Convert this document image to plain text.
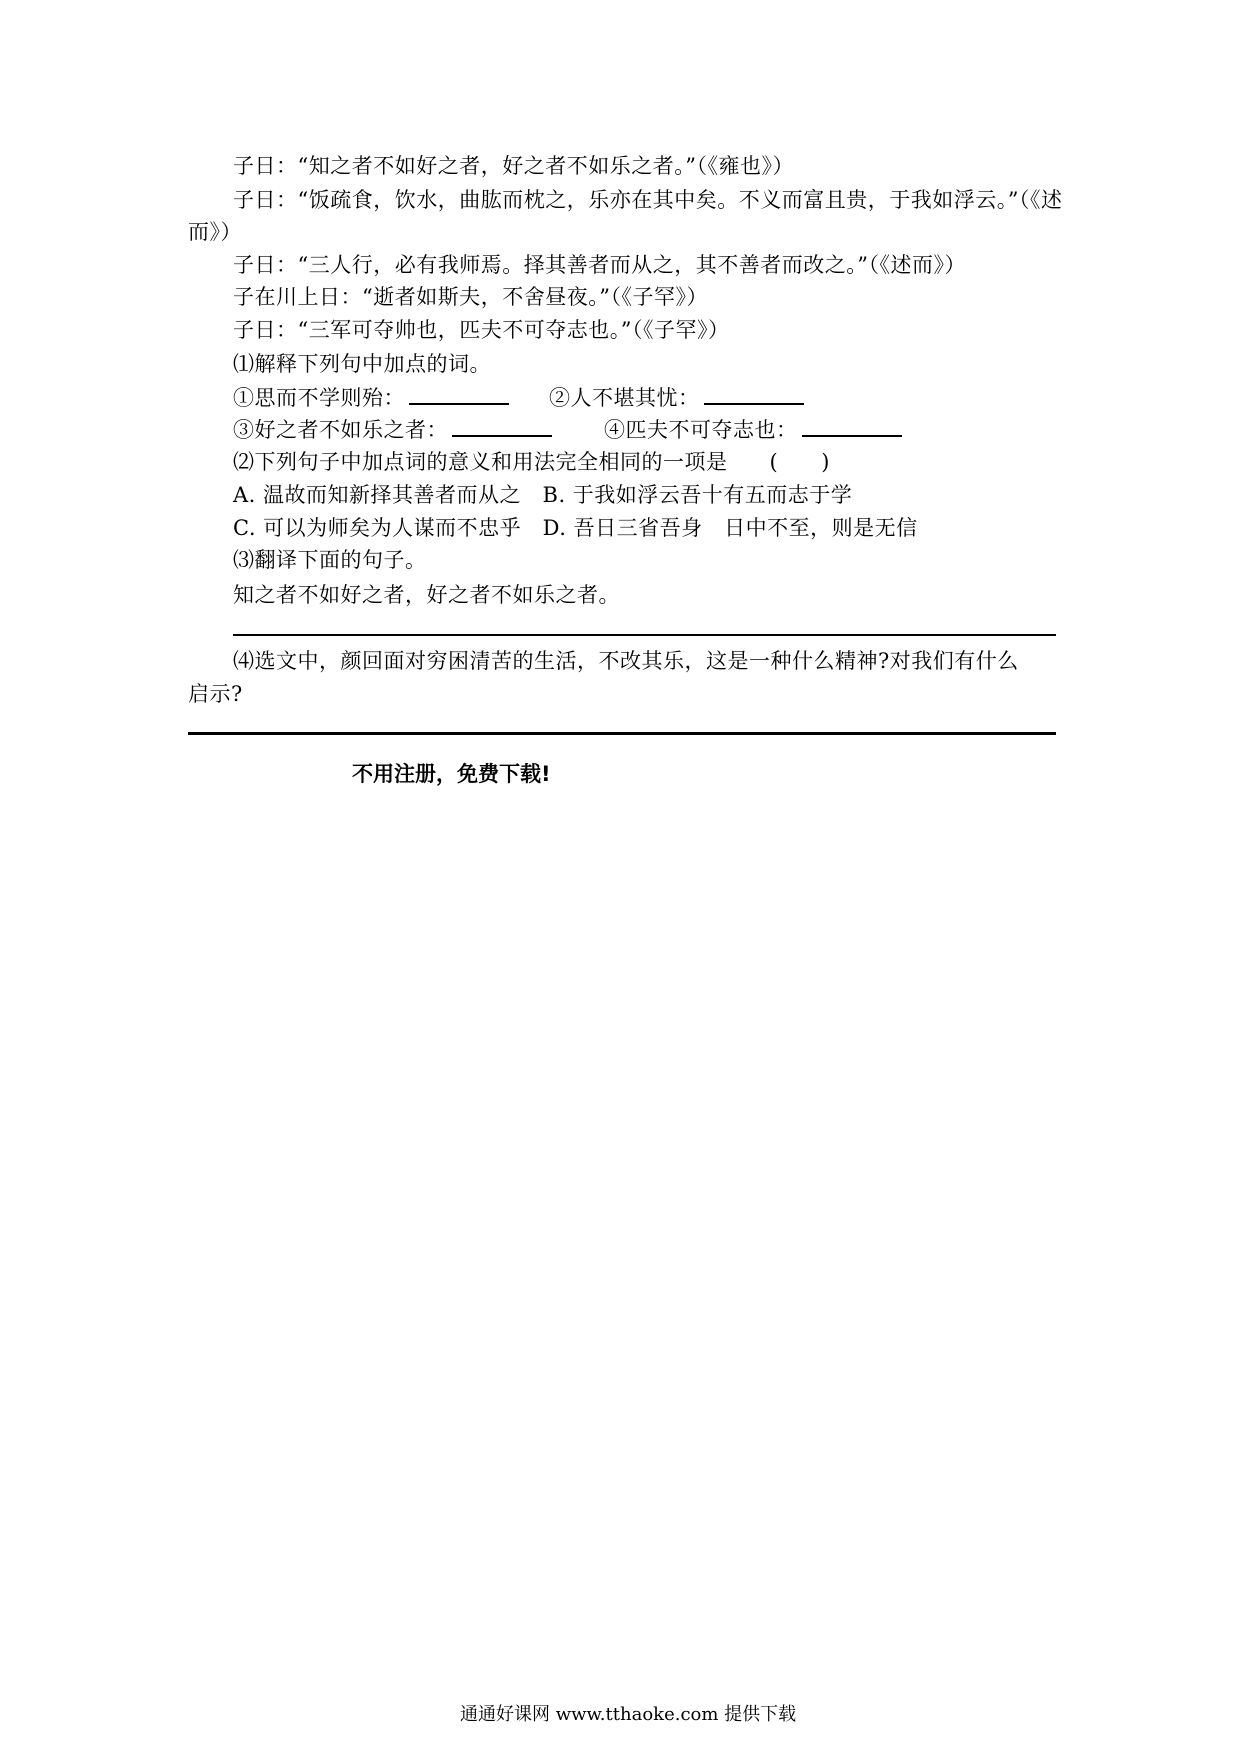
子日：“知之者不如好之者，好之者不如乐之者。”（《雍也》）
子日：“饭疏食，饮水，曲肱而枕之，乐亦在其中矣。不义而富且贵，于我如浮云。”（《述
而》）
子日：“三人行，必有我师焉。择其善者而从之，其不善者而改之。”（《述而》）
子在川上日：“逝者如斯夫，不舍昼夜。”（《子罕》）
子日：“三军可夺帅也，匹夫不可夺志也。”（《子罕》）
⑴解释下列句中加点的词。
①思而不学则殆：	②人不堪其忧：
③好之者不如乐之者：	④匹夫不可夺志也：
⑵下列句子中加点词的意义和用法完全相同的一项是 (　　)
A. 温故而知新择其善者而从之　 B. 于我如浮云吾十有五而志于学
C. 可以为师矣为人谋而不忠乎　 D. 吾日三省吾身　日中不至，则是无信
⑶翻译下面的句子。
知之者不如好之者，好之者不如乐之者。
⑷选文中，颜回面对穷困清苦的生活，不改其乐，这是一种什么精神?对我们有什么
启示?
不用注册，免费下载!
通通好课网 www.tthaoke.com 提供下载
